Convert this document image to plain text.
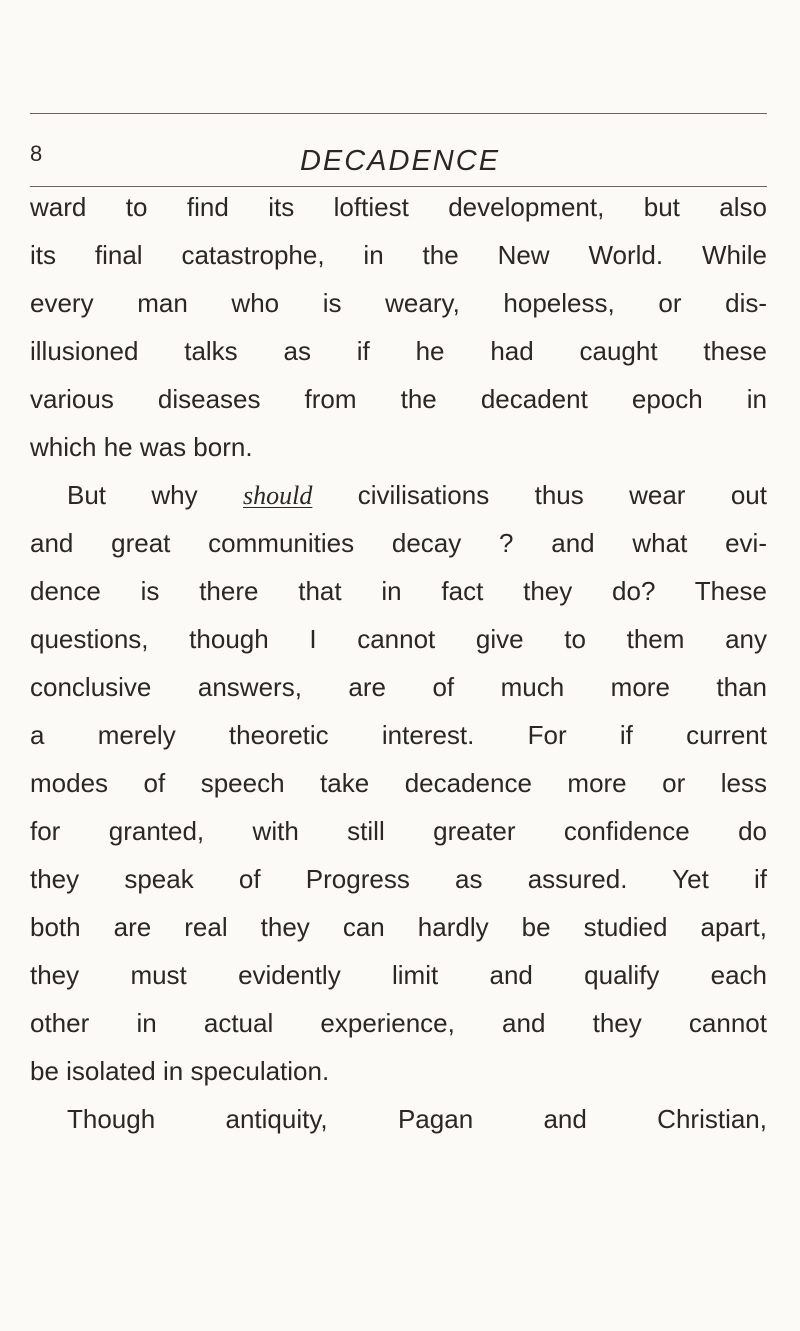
8	DECADENCE
ward to find its loftiest development, but also
its final catastrophe, in the New World. While
every man who is weary, hopeless, or dis-
illusioned talks as if he had caught these
various diseases from the decadent epoch in
which he was born.
But why should civilisations thus wear out
and great communities decay ? and what evi-
dence is there that in fact they do? These
questions, though I cannot give to them any
conclusive answers, are of much more than
a merely theoretic interest. For if current
modes of speech take decadence more or less
for granted, with still greater confidence do
they speak of Progress as assured. Yet if
both are real they can hardly be studied apart,
they must evidently limit and qualify each
other in actual experience, and they cannot
be isolated in speculation.
Though antiquity, Pagan and Christian,
